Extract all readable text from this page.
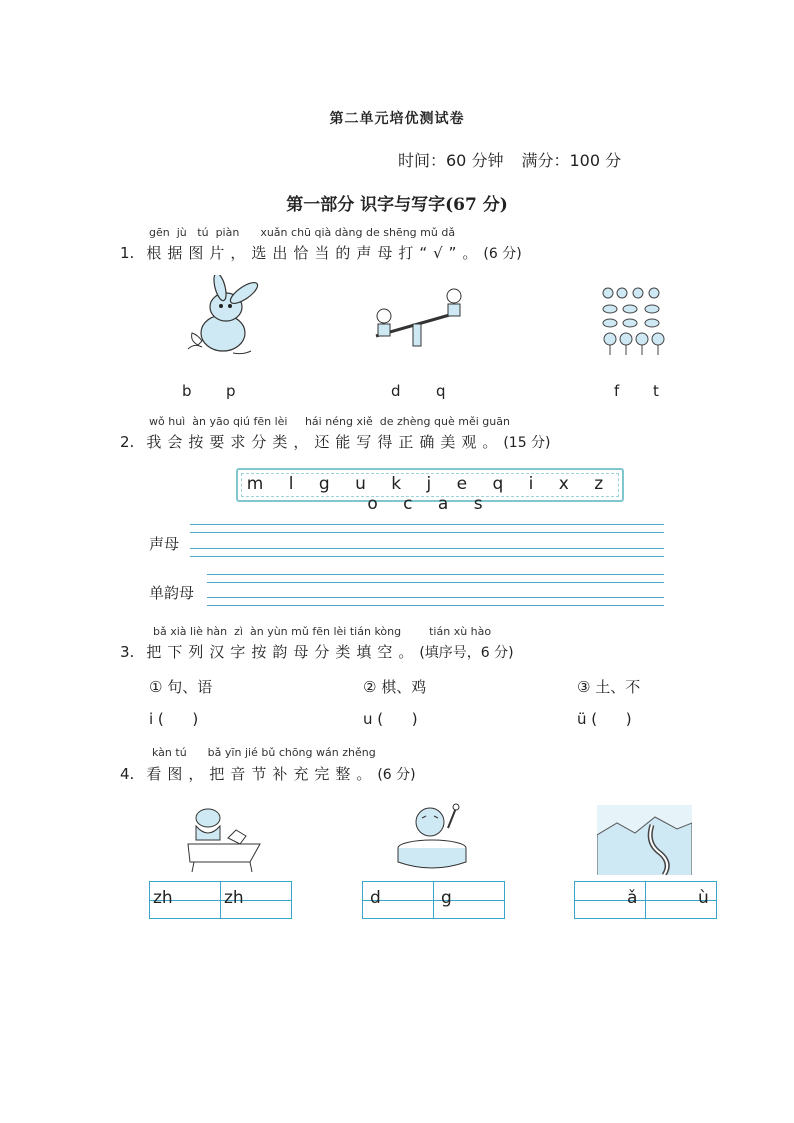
第二单元培优测试卷
时间：60 分钟 满分：100 分
第一部分 识字与写字(67 分)
gēn jù tú piàn xuǎn chū qià dàng de shēng mǔ dǎ
1. 根据图片，选出恰当的声母打“√”。(6 分)
b p	d q	f t
wǒ huì àn yāo qiú fēn lèi hái néng xiě de zhèng què měi guān
2. 我会按要求分类，还能写得正确美观。(15 分)
m l g u k j e q i x z o c a s
声母
单韵母
bǎ xià liè hàn zì àn yùn mǔ fēn lèi tián kòng	tián xù hào
3. 把下列汉字按韵母分类填空。(填序号，6 分)
① 句、语	② 棋、鸡	③ 土、不
i (      )	u (      )	ü (      )
kàn tú bǎ yīn jié bǔ chōng wán zhěng
4. 看图，把音节补充完整。(6 分)
zh	zh	d	g	ǎ	ù
